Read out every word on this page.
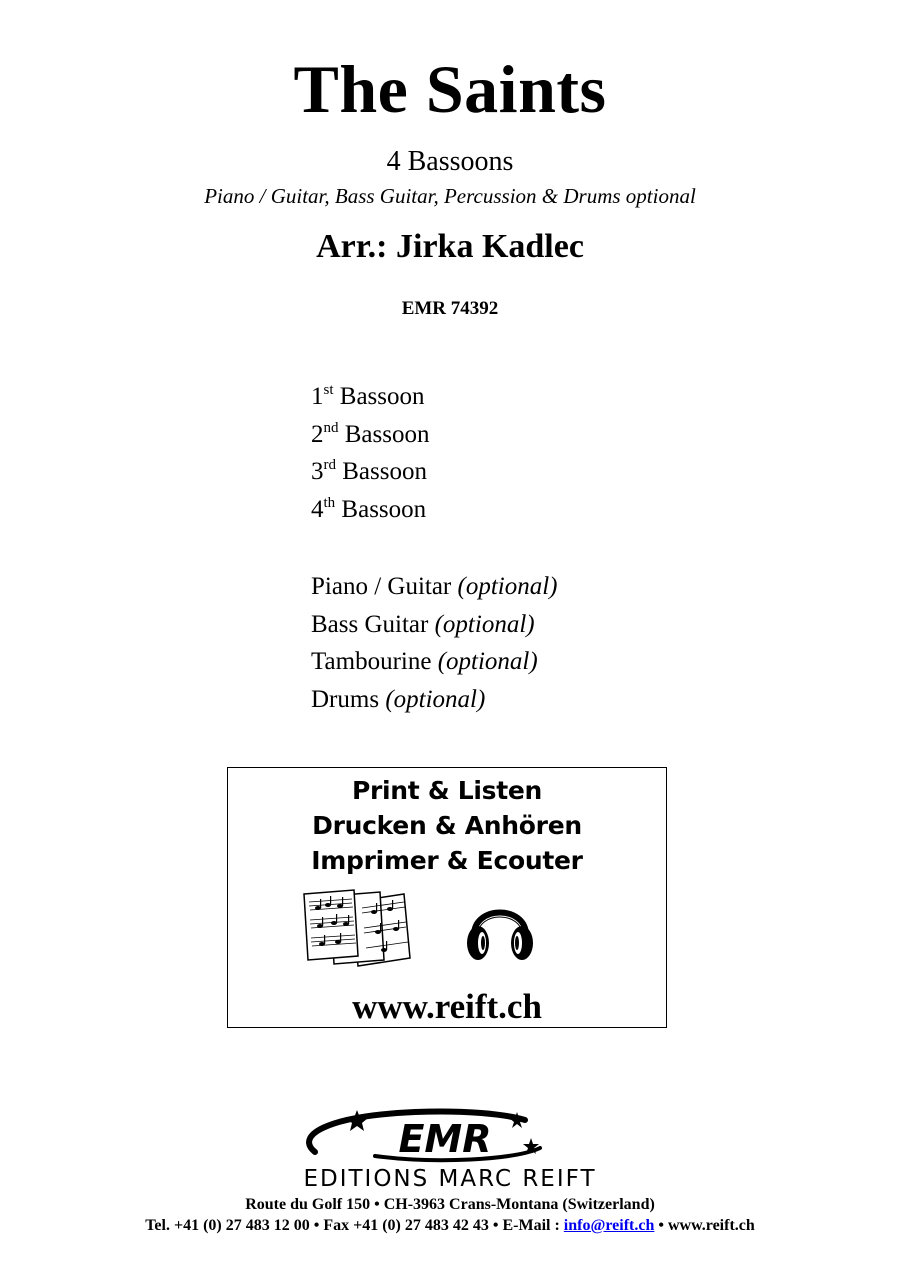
The Saints
4 Bassoons
Piano / Guitar, Bass Guitar, Percussion & Drums optional
Arr.: Jirka Kadlec
EMR 74392
1st Bassoon
2nd Bassoon
3rd Bassoon
4th Bassoon
Piano / Guitar (optional)
Bass Guitar (optional)
Tambourine (optional)
Drums (optional)
Print & Listen
Drucken & Anhören
Imprimer & Ecouter
www.reift.ch
EMR
EDITIONS MARC REIFT
Route du Golf 150 • CH-3963 Crans-Montana (Switzerland)
Tel. +41 (0) 27 483 12 00 • Fax +41 (0) 27 483 42 43 • E-Mail : info@reift.ch • www.reift.ch
